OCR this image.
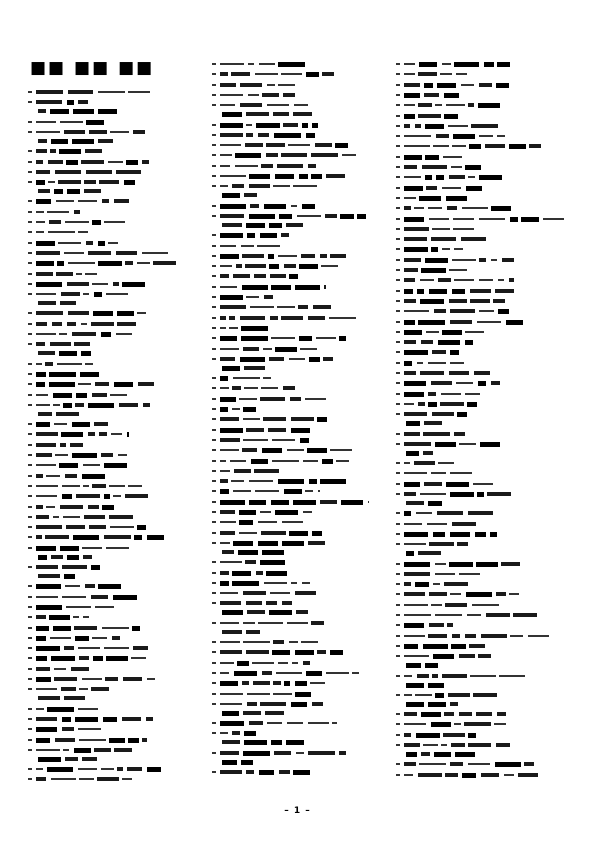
■■ ■■ ■■
– 1 –
